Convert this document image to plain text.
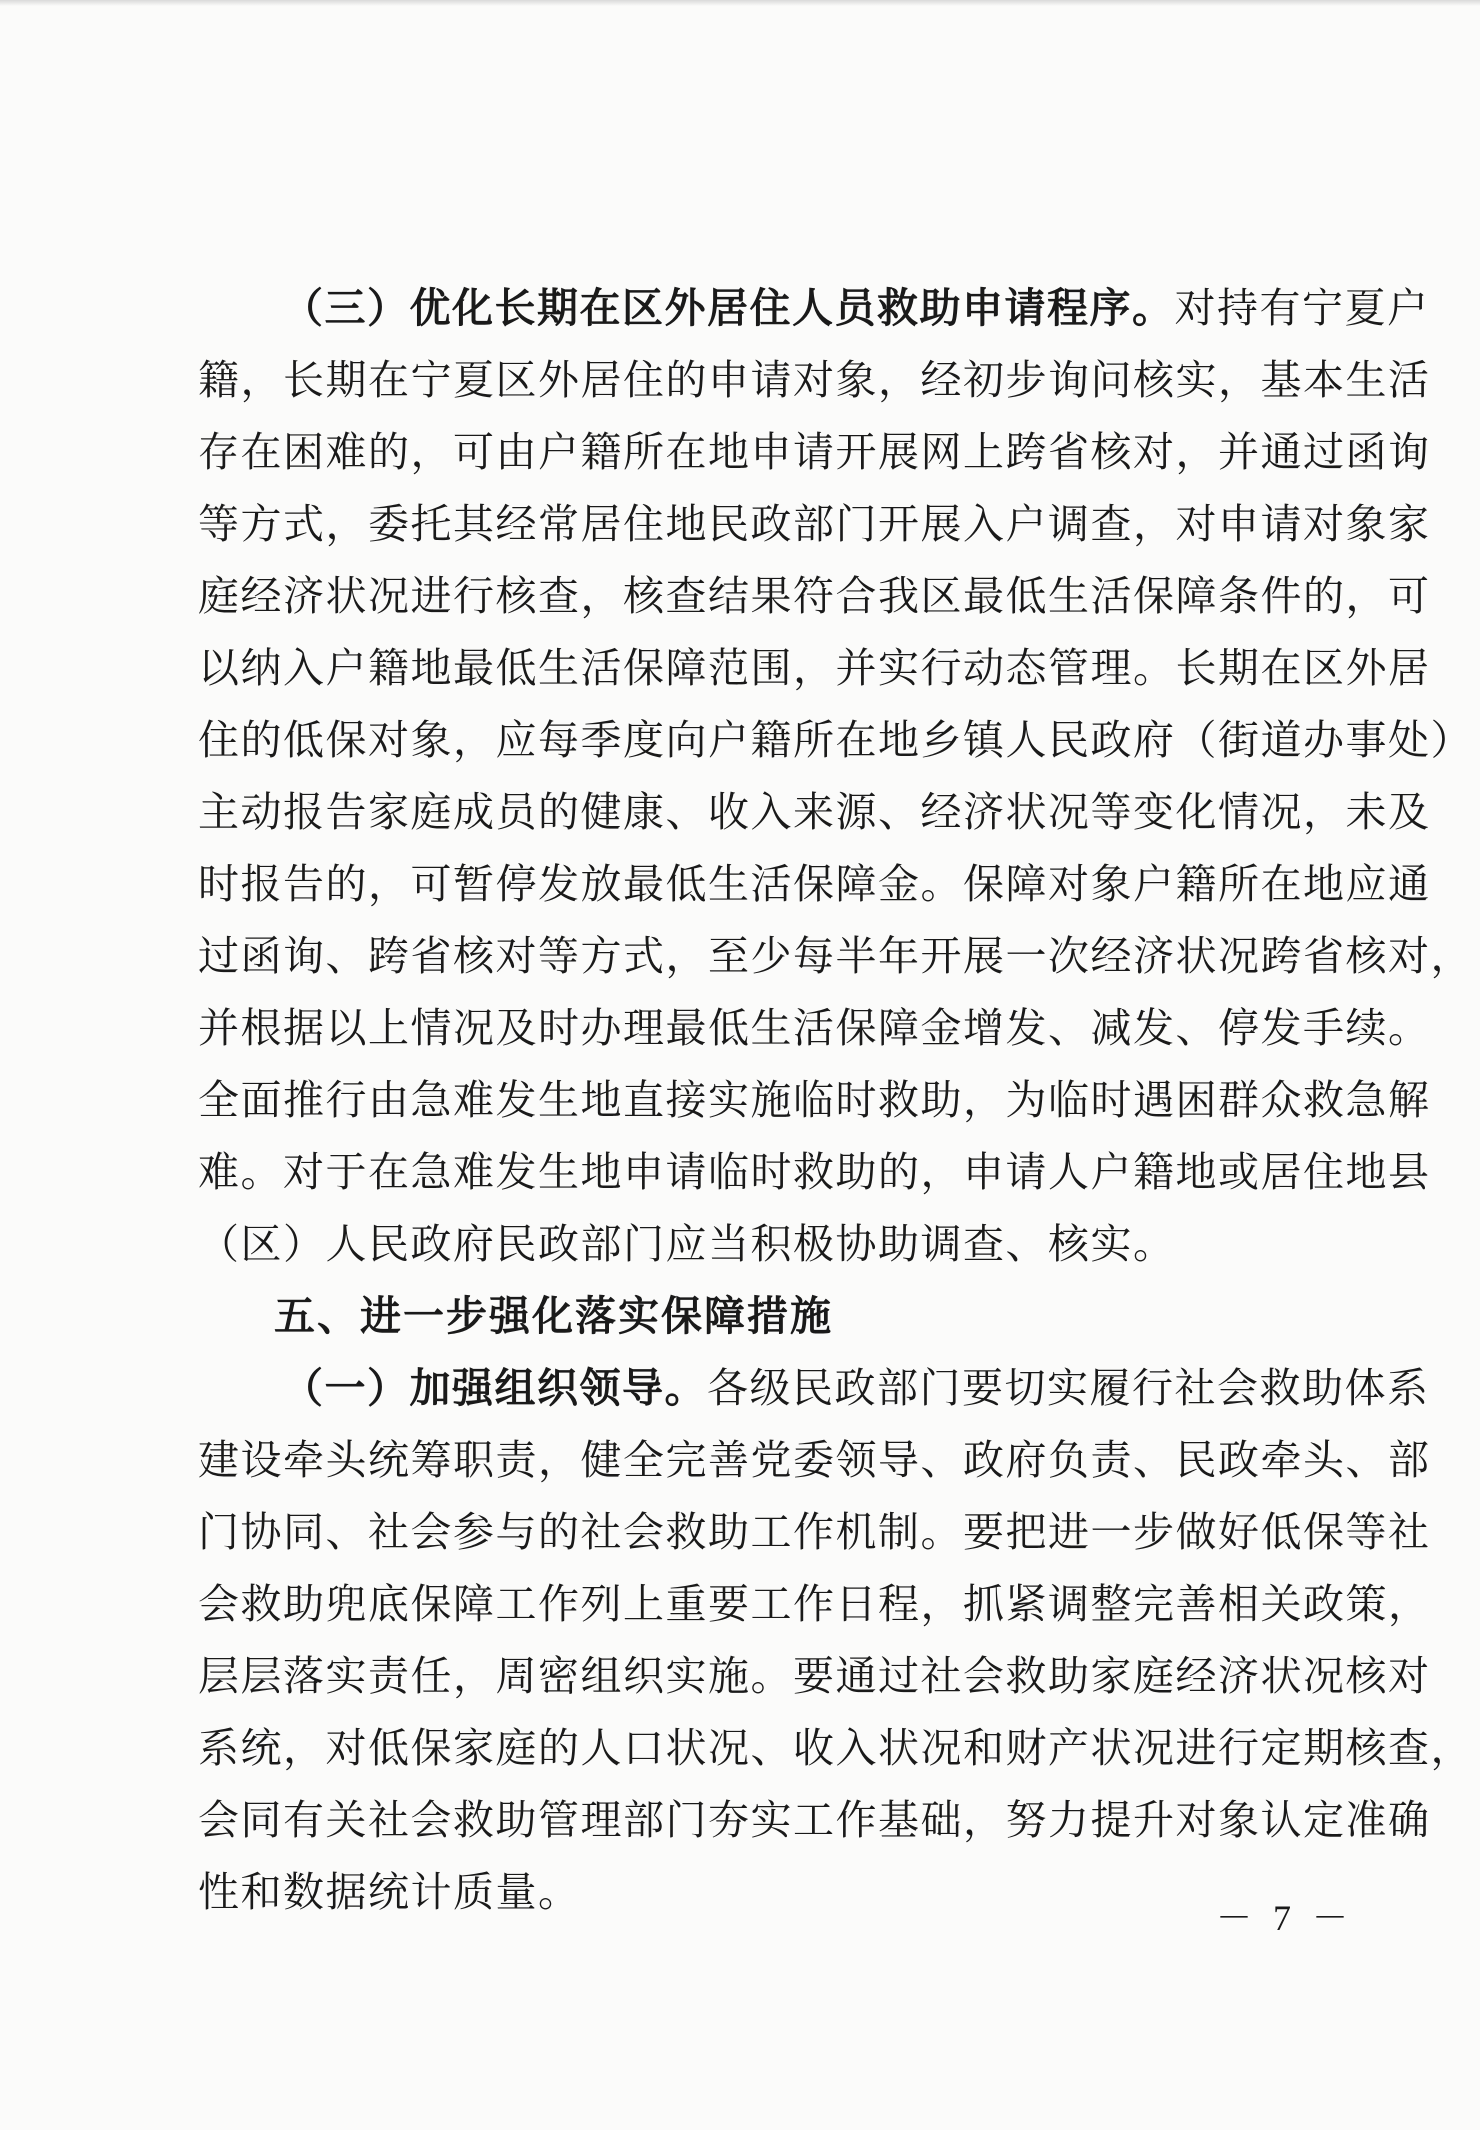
（三）优化长期在区外居住人员救助申请程序。对持有宁夏户
籍，长期在宁夏区外居住的申请对象，经初步询问核实，基本生活
存在困难的，可由户籍所在地申请开展网上跨省核对，并通过函询
等方式，委托其经常居住地民政部门开展入户调查，对申请对象家
庭经济状况进行核查，核查结果符合我区最低生活保障条件的，可
以纳入户籍地最低生活保障范围，并实行动态管理。长期在区外居
住的低保对象，应每季度向户籍所在地乡镇人民政府（街道办事处）
主动报告家庭成员的健康、收入来源、经济状况等变化情况，未及
时报告的，可暂停发放最低生活保障金。保障对象户籍所在地应通
过函询、跨省核对等方式，至少每半年开展一次经济状况跨省核对，
并根据以上情况及时办理最低生活保障金增发、减发、停发手续。
全面推行由急难发生地直接实施临时救助，为临时遇困群众救急解
难。对于在急难发生地申请临时救助的，申请人户籍地或居住地县
（区）人民政府民政部门应当积极协助调查、核实。
五、进一步强化落实保障措施
（一）加强组织领导。各级民政部门要切实履行社会救助体系
建设牵头统筹职责，健全完善党委领导、政府负责、民政牵头、部
门协同、社会参与的社会救助工作机制。要把进一步做好低保等社
会救助兜底保障工作列上重要工作日程，抓紧调整完善相关政策，
层层落实责任，周密组织实施。要通过社会救助家庭经济状况核对
系统，对低保家庭的人口状况、收入状况和财产状况进行定期核查，
会同有关社会救助管理部门夯实工作基础，努力提升对象认定准确
性和数据统计质量。
－ 7 －
